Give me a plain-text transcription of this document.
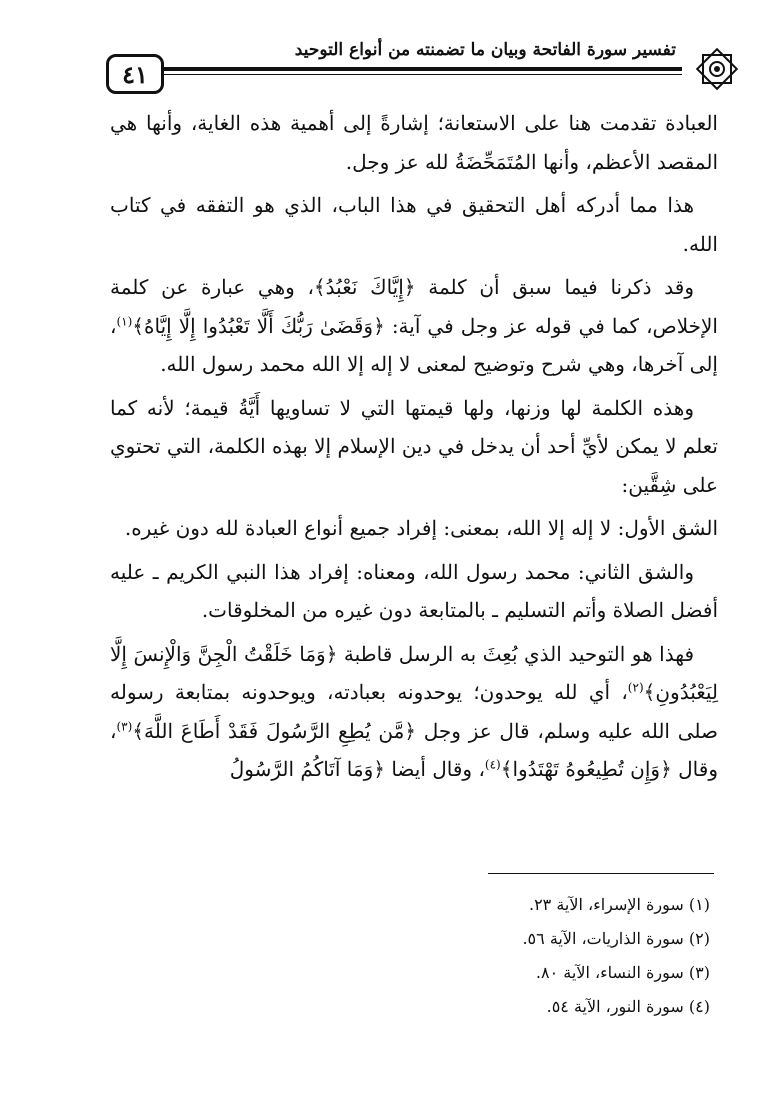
٤١
تفسير سورة الفاتحة وبيان ما تضمنته من أنواع التوحيد

العبادة تقدمت هنا على الاستعانة؛ إشارةً إلى أهمية هذه الغاية، وأنها هي المقصد الأعظم، وأنها المُتَمَحِّضَةُ لله عز وجل.

هذا مما أدركه أهل التحقيق في هذا الباب، الذي هو التفقه في كتاب الله.

وقد ذكرنا فيما سبق أن كلمة ﴿إِيَّاكَ نَعْبُدُ﴾، وهي عبارة عن كلمة الإخلاص، كما في قوله عز وجل في آية: ﴿وَقَضَىٰ رَبُّكَ أَلَّا تَعْبُدُوا إِلَّا إِيَّاهُ﴾$^{(١)}$، إلى آخرها، وهي شرح وتوضيح لمعنى لا إله إلا الله محمد رسول الله.

وهذه الكلمة لها وزنها، ولها قيمتها التي لا تساويها أَيَّةُ قيمة؛ لأنه كما تعلم لا يمكن لأيِّ أحد أن يدخل في دين الإسلام إلا بهذه الكلمة، التي تحتوي على شِقَّين:

الشق الأول: لا إله إلا الله، بمعنى: إفراد جميع أنواع العبادة لله دون غيره.

والشق الثاني: محمد رسول الله، ومعناه: إفراد هذا النبي الكريم ـ عليه أفضل الصلاة وأتم التسليم ـ بالمتابعة دون غيره من المخلوقات.

فهذا هو التوحيد الذي بُعِثَ به الرسل قاطبة ﴿وَمَا خَلَقْتُ الْجِنَّ وَالْإِنسَ إِلَّا لِيَعْبُدُونِ﴾$^{(٢)}$، أي لله يوحدون؛ يوحدونه بعبادته، ويوحدونه بمتابعة رسوله صلى الله عليه وسلم، قال عز وجل ﴿مَّن يُطِعِ الرَّسُولَ فَقَدْ أَطَاعَ اللَّهَ﴾$^{(٣)}$، وقال ﴿وَإِن تُطِيعُوهُ تَهْتَدُوا﴾$^{(٤)}$، وقال أيضا ﴿وَمَا آتَاكُمُ الرَّسُولُ

(١) سورة الإسراء، الآية ٢٣.
(٢) سورة الذاريات، الآية ٥٦.
(٣) سورة النساء، الآية ٨٠.
(٤) سورة النور، الآية ٥٤.
